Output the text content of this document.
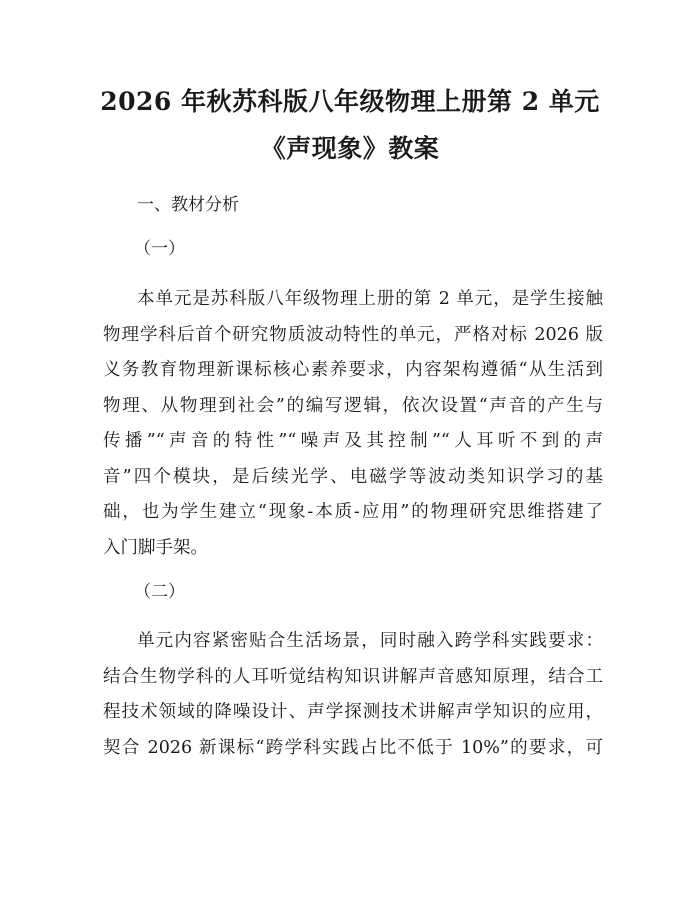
2026 年秋苏科版八年级物理上册第 2 单元
《声现象》教案
一、教材分析
（一）
本单元是苏科版八年级物理上册的第 2 单元，是学生接触
物理学科后首个研究物质波动特性的单元，严格对标 2026 版
义务教育物理新课标核心素养要求，内容架构遵循“从生活到
物理、从物理到社会”的编写逻辑，依次设置“声音的产生与
传播”“声音的特性”“噪声及其控制”“人耳听不到的声
音”四个模块，是后续光学、电磁学等波动类知识学习的基
础，也为学生建立“现象-本质-应用”的物理研究思维搭建了
入门脚手架。
（二）
单元内容紧密贴合生活场景，同时融入跨学科实践要求：
结合生物学科的人耳听觉结构知识讲解声音感知原理，结合工
程技术领域的降噪设计、声学探测技术讲解声学知识的应用，
契合 2026 新课标“跨学科实践占比不低于 10%”的要求，可
